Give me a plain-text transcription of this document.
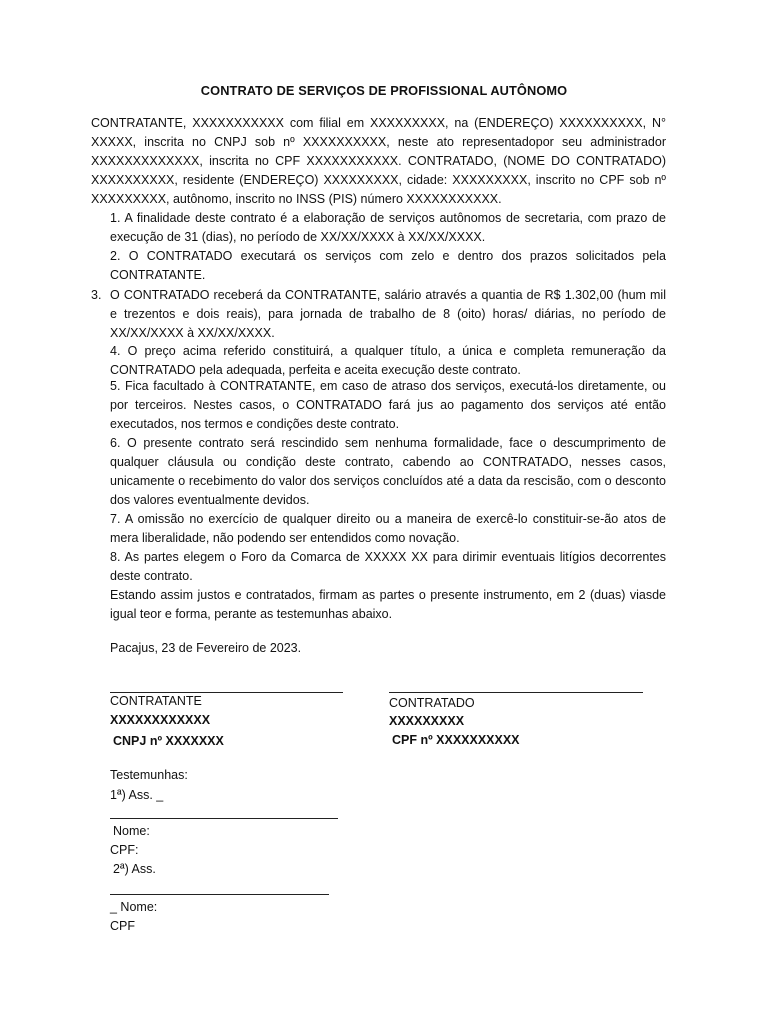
CONTRATO DE SERVIÇOS DE PROFISSIONAL AUTÔNOMO
CONTRATANTE, XXXXXXXXXXX com filial em XXXXXXXXX, na (ENDEREÇO) XXXXXXXXXX, N° XXXXX, inscrita no CNPJ sob nº XXXXXXXXXX, neste ato representadopor seu administrador XXXXXXXXXXXXX, inscrita no CPF XXXXXXXXXXX. CONTRATADO, (NOME DO CONTRATADO) XXXXXXXXXX, residente (ENDEREÇO) XXXXXXXXX, cidade: XXXXXXXXX, inscrito no CPF sob nº XXXXXXXXX, autônomo, inscrito no INSS (PIS) número XXXXXXXXXXX.
1. A finalidade deste contrato é a elaboração de serviços autônomos de secretaria, com prazo de execução de 31 (dias), no período de XX/XX/XXXX à XX/XX/XXXX.
2. O CONTRATADO executará os serviços com zelo e dentro dos prazos solicitados pela CONTRATANTE.
3. O CONTRATADO receberá da CONTRATANTE, salário através a quantia de R$ 1.302,00 (hum mil e trezentos e dois reais), para jornada de trabalho de 8 (oito) horas/ diárias, no período de XX/XX/XXXX à XX/XX/XXXX.
4. O preço acima referido constituirá, a qualquer título, a única e completa remuneração da CONTRATADO pela adequada, perfeita e aceita execução deste contrato.
5. Fica facultado à CONTRATANTE, em caso de atraso dos serviços, executá-los diretamente, ou por terceiros. Nestes casos, o CONTRATADO fará jus ao pagamento dos serviços até então executados, nos termos e condições deste contrato.
6. O presente contrato será rescindido sem nenhuma formalidade, face o descumprimento de qualquer cláusula ou condição deste contrato, cabendo ao CONTRATADO, nesses casos, unicamente o recebimento do valor dos serviços concluídos até a data da rescisão, com o desconto dos valores eventualmente devidos.
7. A omissão no exercício de qualquer direito ou a maneira de exercê-lo constituir-se-ão atos de mera liberalidade, não podendo ser entendidos como novação.
8. As partes elegem o Foro da Comarca de XXXXX XX para dirimir eventuais litígios decorrentes deste contrato.
Estando assim justos e contratados, firmam as partes o presente instrumento, em 2 (duas) viasde igual teor e forma, perante as testemunhas abaixo.
Pacajus, 23 de Fevereiro de 2023.
CONTRATANTE
XXXXXXXXXXXX
CNPJ nº XXXXXXX
CONTRATADO
XXXXXXXXX
CPF nº XXXXXXXXXX
Testemunhas:
1ª) Ass. _
Nome:
CPF:
2ª) Ass.
_ Nome:
CPF
